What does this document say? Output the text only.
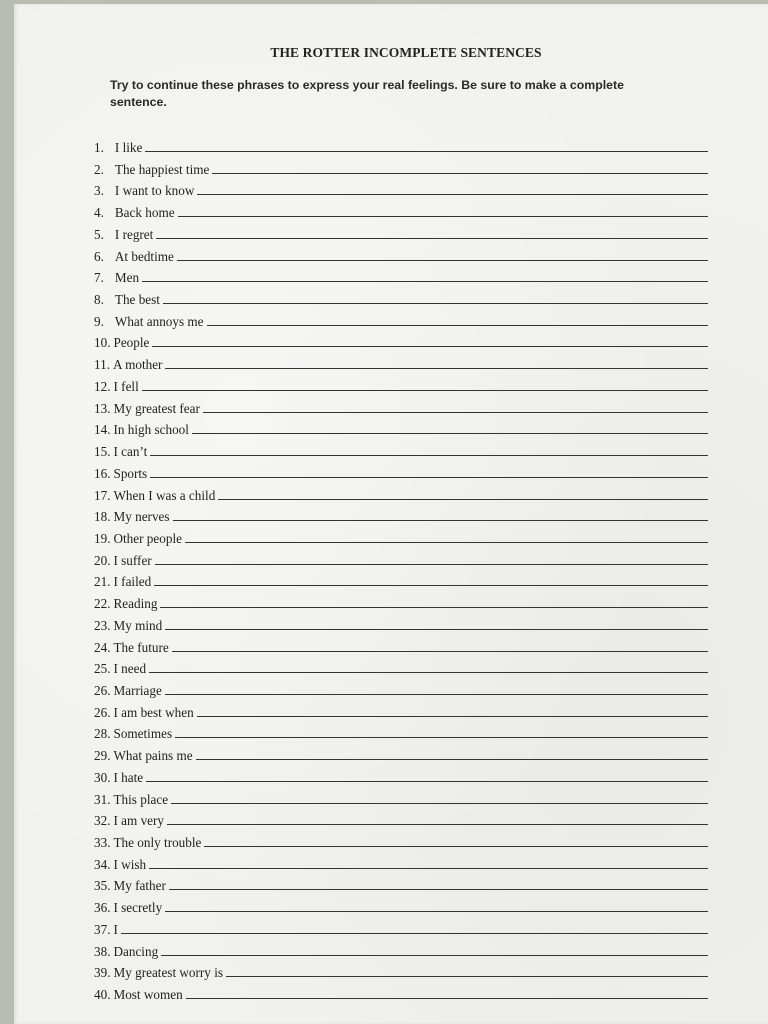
THE ROTTER INCOMPLETE SENTENCES
Try to continue these phrases to express your real feelings. Be sure to make a complete sentence.
1. I like
2. The happiest time
3. I want to know
4. Back home
5. I regret
6. At bedtime
7. Men
8. The best
9. What annoys me
10. People
11. A mother
12. I fell
13. My greatest fear
14. In high school
15. I can’t
16. Sports
17. When I was a child
18. My nerves
19. Other people
20. I suffer
21. I failed
22. Reading
23. My mind
24. The future
25. I need
26. Marriage
26. I am best when
28. Sometimes
29. What pains me
30. I hate
31. This place
32. I am very
33. The only trouble
34. I wish
35. My father
36. I secretly
37. I
38. Dancing
39. My greatest worry is
40. Most women
